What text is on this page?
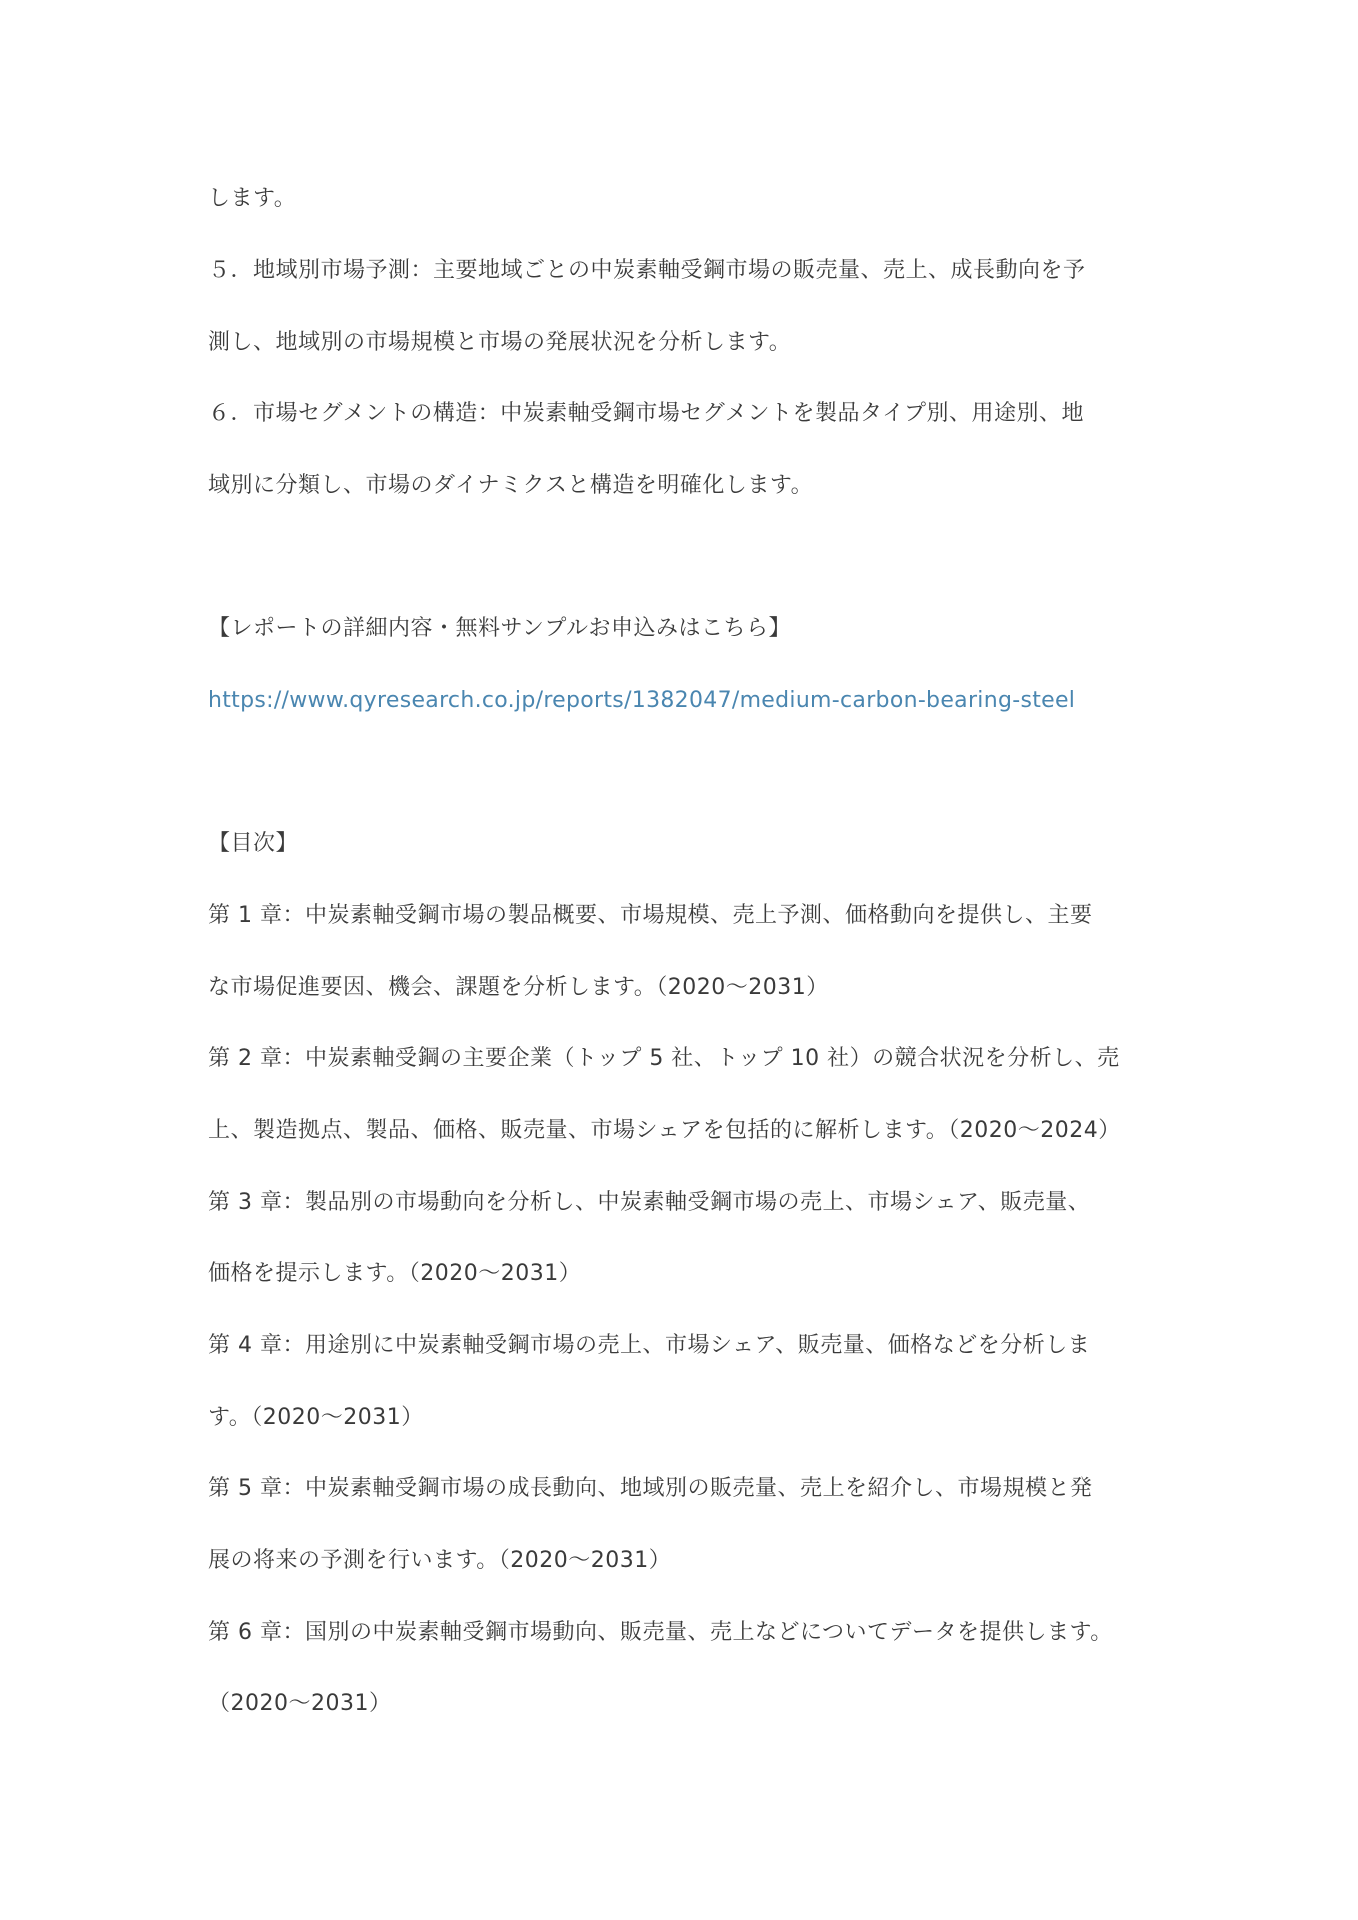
します。
５．地域別市場予測：主要地域ごとの中炭素軸受鋼市場の販売量、売上、成長動向を予
測し、地域別の市場規模と市場の発展状況を分析します。
６．市場セグメントの構造：中炭素軸受鋼市場セグメントを製品タイプ別、用途別、地
域別に分類し、市場のダイナミクスと構造を明確化します。
【レポートの詳細内容・無料サンプルお申込みはこちら】
https://www.qyresearch.co.jp/reports/1382047/medium-carbon-bearing-steel
【目次】
第 1 章：中炭素軸受鋼市場の製品概要、市場規模、売上予測、価格動向を提供し、主要
な市場促進要因、機会、課題を分析します。（2020～2031）
第 2 章：中炭素軸受鋼の主要企業（トップ 5 社、トップ 10 社）の競合状況を分析し、売
上、製造拠点、製品、価格、販売量、市場シェアを包括的に解析します。（2020～2024）
第 3 章：製品別の市場動向を分析し、中炭素軸受鋼市場の売上、市場シェア、販売量、
価格を提示します。（2020～2031）
第 4 章：用途別に中炭素軸受鋼市場の売上、市場シェア、販売量、価格などを分析しま
す。（2020～2031）
第 5 章：中炭素軸受鋼市場の成長動向、地域別の販売量、売上を紹介し、市場規模と発
展の将来の予測を行います。（2020～2031）
第 6 章：国別の中炭素軸受鋼市場動向、販売量、売上などについてデータを提供します。
（2020～2031）
